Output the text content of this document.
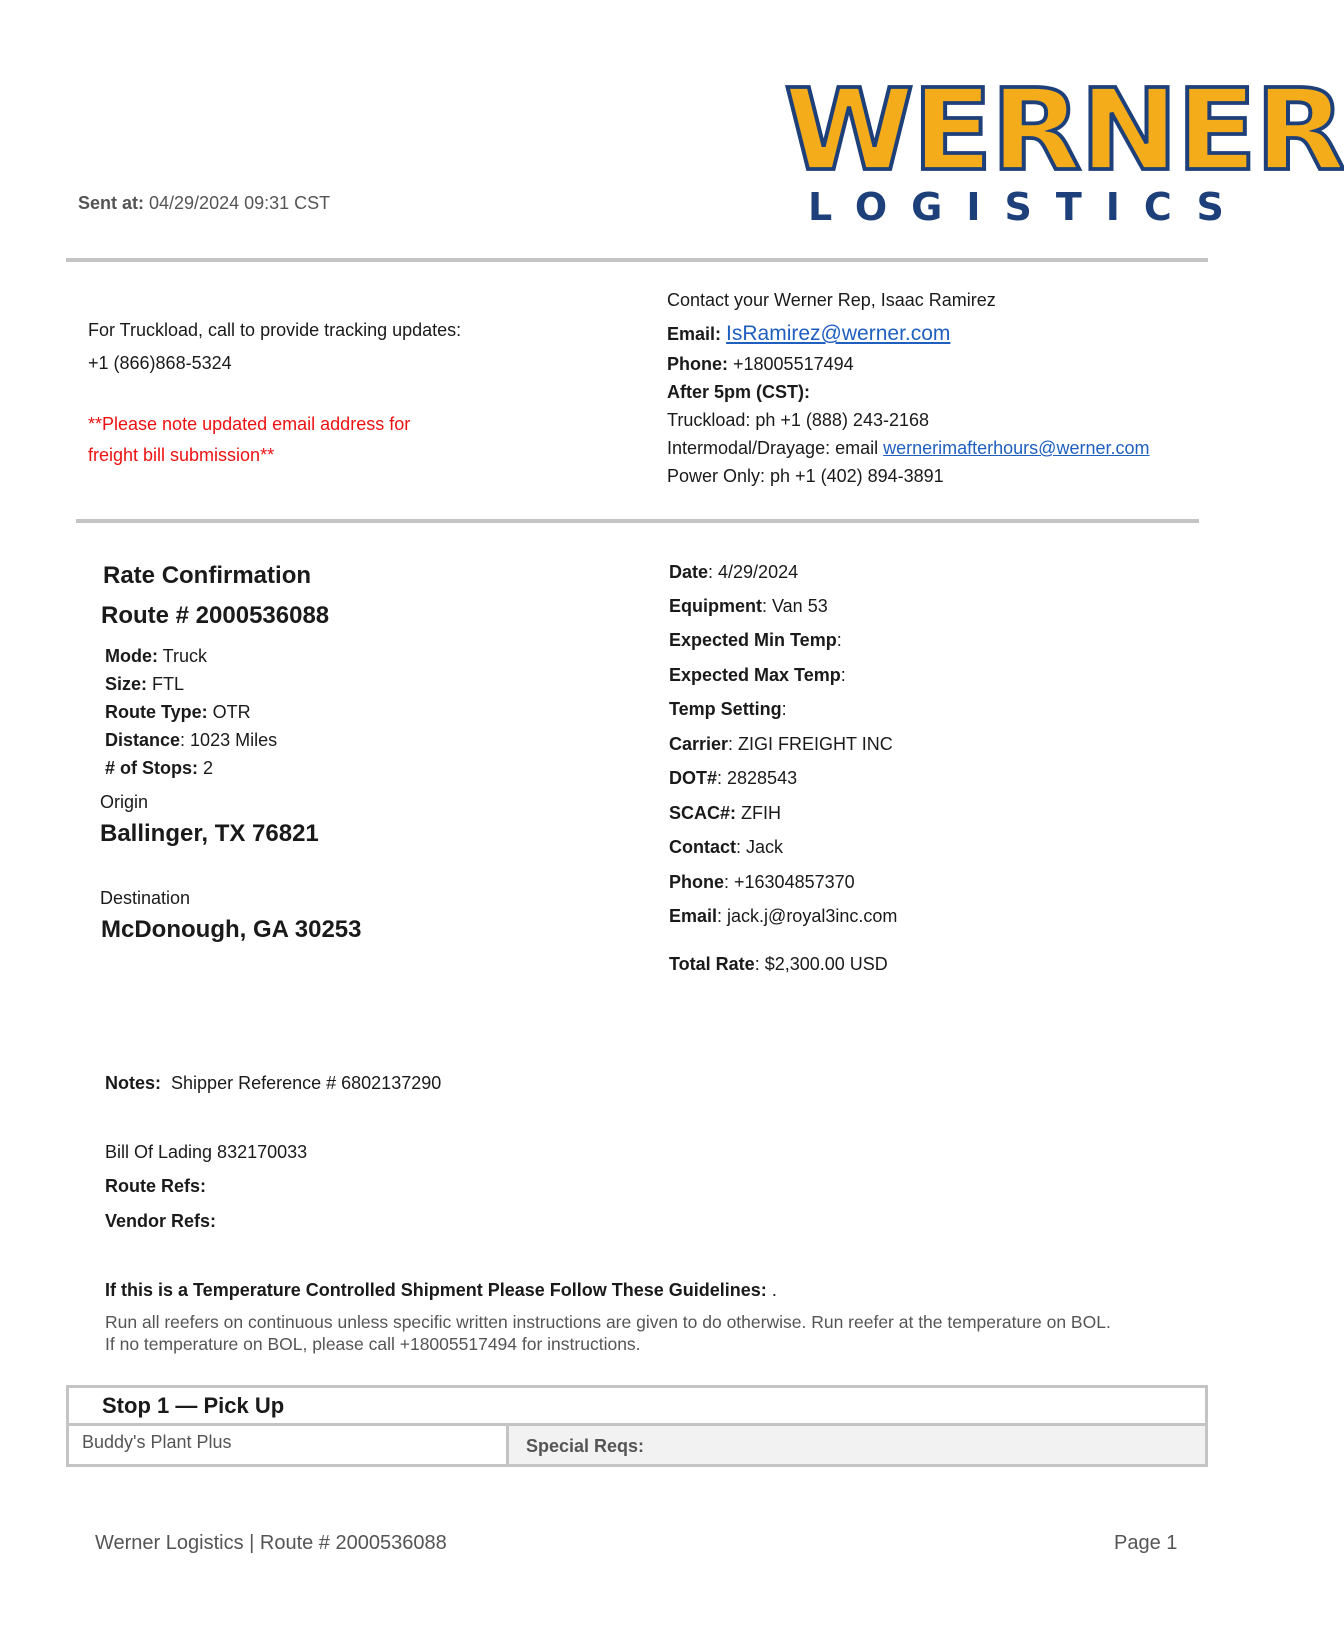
Sent at: 04/29/2024 09:31 CST
WERNER
LOGISTICS
For Truckload, call to provide tracking updates:
+1 (866)868-5324
**Please note updated email address for
freight bill submission**
Contact your Werner Rep, Isaac Ramirez
Email: IsRamirez@werner.com
Phone: +18005517494
After 5pm (CST):
Truckload: ph +1 (888) 243-2168
Intermodal/Drayage: email wernerimafterhours@werner.com
Power Only: ph +1 (402) 894-3891
Rate Confirmation
Route # 2000536088
Mode: Truck
Size: FTL
Route Type: OTR
Distance: 1023 Miles
# of Stops: 2
Origin
Ballinger, TX 76821
Destination
McDonough, GA 30253
Date: 4/29/2024
Equipment: Van 53
Expected Min Temp:
Expected Max Temp:
Temp Setting:
Carrier: ZIGI FREIGHT INC
DOT#: 2828543
SCAC#: ZFIH
Contact: Jack
Phone: +16304857370
Email: jack.j@royal3inc.com
Total Rate: $2,300.00 USD
Notes: Shipper Reference # 6802137290
Bill Of Lading 832170033
Route Refs:
Vendor Refs:
If this is a Temperature Controlled Shipment Please Follow These Guidelines: .
Run all reefers on continuous unless specific written instructions are given to do otherwise. Run reefer at the temperature on BOL.
If no temperature on BOL, please call +18005517494 for instructions.
Stop 1 — Pick Up
Buddy's Plant Plus	Special Reqs:
Werner Logistics | Route # 2000536088	Page 1
